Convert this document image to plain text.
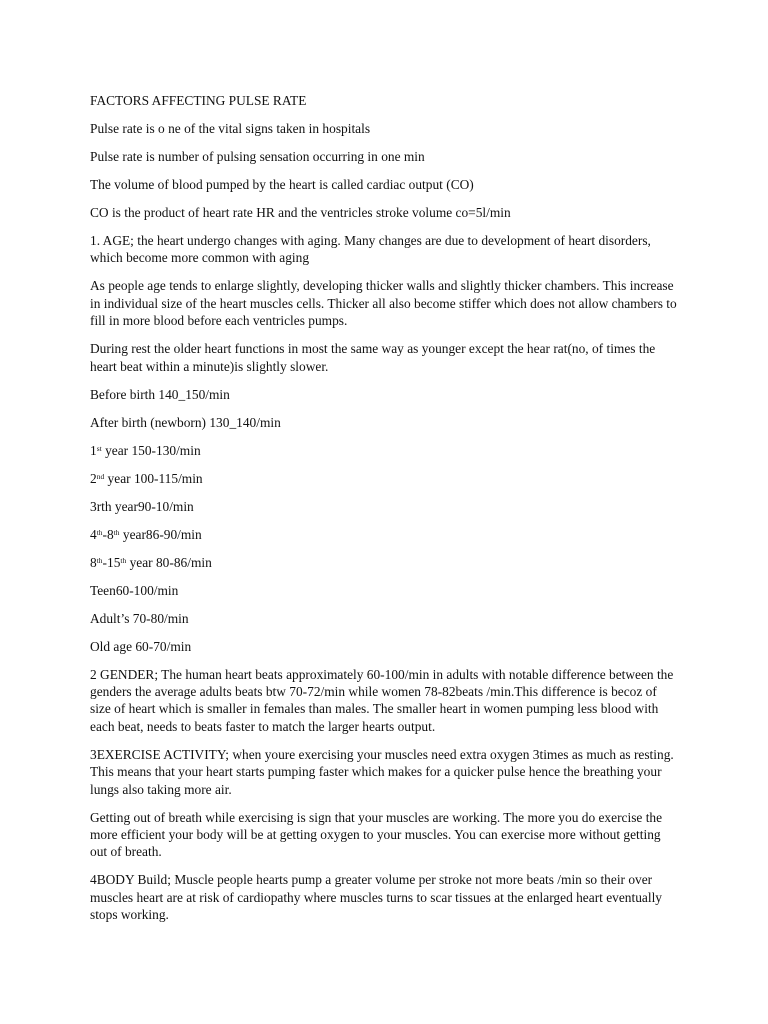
FACTORS AFFECTING PULSE RATE

Pulse rate is o ne of the vital signs taken in hospitals

Pulse rate is number of pulsing sensation occurring in one min

The volume of blood pumped by the heart is called cardiac output (CO)

CO is the product of heart rate HR and the ventricles stroke volume co=5l/min

1. AGE; the heart undergo changes with aging. Many changes are due to development of heart disorders, which become more common with aging

As people age tends to enlarge slightly, developing thicker walls and slightly thicker chambers. This increase in individual size of the heart muscles cells. Thicker all also become stiffer which does not allow chambers to fill in more blood before each ventricles pumps.

During rest the older heart functions in most the same way as younger except the hear rat(no, of times the heart beat within a minute)is slightly slower.

Before birth 140_150/min

After birth (newborn) 130_140/min

1st year 150-130/min

2nd year 100-115/min

3rth year90-10/min

4th-8th year86-90/min

8th-15th year 80-86/min

Teen60-100/min

Adult’s 70-80/min

Old age 60-70/min

2 GENDER; The human heart beats approximately 60-100/min in adults with notable difference between the genders the average adults beats btw 70-72/min while women 78-82beats /min.This difference is becoz of size of heart which is smaller in females than males. The smaller heart in women pumping less blood with each beat, needs to beats faster to match the larger hearts output.

3EXERCISE ACTIVITY; when youre exercising your muscles need extra oxygen 3times as much as resting. This means that your heart starts pumping faster which makes for a quicker pulse hence the breathing your lungs also taking more air.

Getting out of breath while exercising is sign that your muscles are working. The more you do exercise the more efficient your body will be at getting oxygen to your muscles. You can exercise more without getting out of breath.

4BODY Build; Muscle people hearts pump a greater volume per stroke not more beats /min so their over muscles heart are at risk of cardiopathy where muscles turns to scar tissues at the enlarged heart eventually stops working.
